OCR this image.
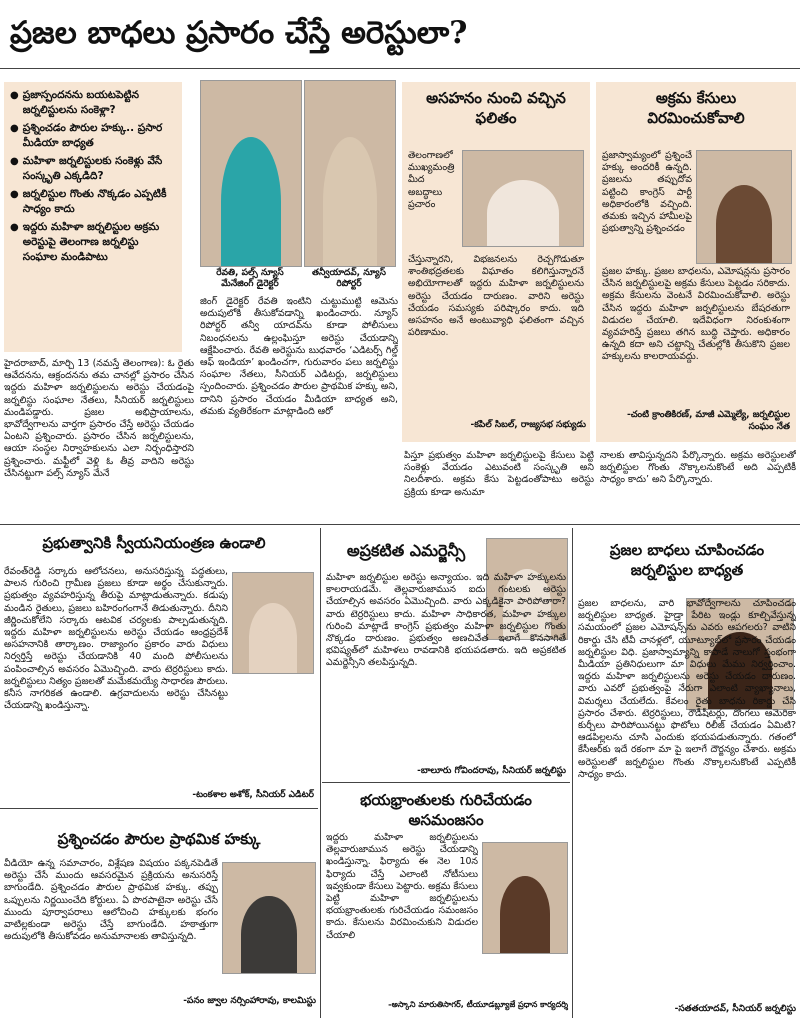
ప్రజల బాధలు ప్రసారం చేస్తే అరెస్టులా?
● ప్రజాస్పందనను బయటపెట్టిన జర్నలిస్టులను సంకెళ్లా?
● ప్రశ్నించడం పౌరుల హక్కు.. ప్రసార మీడియా బాధ్యత
● మహిళా జర్నలిస్టులకు సంకెళ్లు వేసే సంస్కృతి ఎక్కడిది?
● జర్నలిస్టుల గొంతు నొక్కడం ఎప్పటికీ సాధ్యం కాదు
● ఇద్దరు మహిళా జర్నలిస్టుల అక్రమ అరెస్టుపై తెలంగాణ జర్నలిస్టు సంఘాల మండిపాటు
రేవతి, పల్స్ న్యూస్ మేనేజింగ్ డైరెక్టర్
తన్వీయాదవ్, న్యూస్ రిపోర్టర్
హైదరాబాద్, మార్చి 13 (నమస్తే తెలంగాణ): ఓ రైతు ఆవేదనను, ఆక్రందనను తమ చానల్లో ప్రసారం చేసిన ఇద్దరు మహిళా జర్నలిస్టులను అరెస్టు చేయడంపై జర్నలిస్టు సంఘాల నేతలు, సీనియర్ జర్నలిస్టులు మండిపడ్డారు. ప్రజల అభిప్రాయాలను, భావోద్వేగాలను వార్తగా ప్రసారం చేస్తే అరెస్టు చేయడం ఏంటని ప్రశ్నించారు. ప్రసారం చేసిన జర్నలిస్టులను, ఆయా సంస్థల నిర్వాహకులను ఎలా నిర్బంధిస్తారని ప్రశ్నించారు. మఫ్టీలో వెళ్లి ఓ తీవ్ర వాదిని అరెస్టు చేసినట్టుగా పల్స్ న్యూస్ మేనే
జింగ్ డైరెక్టర్ రేవతి ఇంటిని చుట్టుముట్టి ఆమెను అదుపులోకి తీసుకోవడాన్ని ఖండించారు. న్యూస్ రిపోర్టర్ తన్వీ యాదవ్‌ను కూడా పోలీసులు నిబంధనలను ఉల్లంఘిస్తూ అరెస్టు చేయడాన్ని ఆక్షేపించారు. రేవతి అరెస్టును బుధవారం ‘ఎడిటర్స్ గిల్డ్ ఆఫ్ ఇండియా’ ఖండించగా, గురువారం పలు జర్నలిస్టు సంఘాల నేతలు, సీనియర్ ఎడిటర్లు, జర్నలిస్టులు స్పందించారు. ప్రశ్నించడం పౌరుల ప్రాథమిక హక్కు అని, దానిని ప్రసారం చేయడం మీడియా బాధ్యత అని, తమకు వ్యతిరేకంగా మాట్లాడింది ఆరో
పిస్తూ ప్రభుత్వం మహిళా జర్నలిస్టులపై కేసులు పెట్టి సంకెళ్లు వేయడం ఎటువంటి సంస్కృతి అని నిలదీశారు. అక్రమ కేసు పెట్టడంతోపాటు అరెస్టు ప్రక్రియ కూడా అనుమా
నాలకు తావిస్తున్నదని పేర్కొన్నారు. అక్రమ అరెస్టులతో జర్నలిస్టుల గొంతు నొక్కాలనుకొంటే అది ఎప్పటికీ సాధ్యం కాదు’ అని పేర్కొన్నారు.
అసహనం నుంచి వచ్చిన ఫలితం
తెలంగాణలో ముఖ్యమంత్రి మీద అబద్ధాలు ప్రచారం
చేస్తున్నారని, విభజనలను రెచ్చగొడుతూ శాంతిభద్రతలకు విఘాతం కలిగిస్తున్నారనే అభియోగాలతో ఇద్దరు మహిళా జర్నలిస్టులను అరెస్టు చేయడం దారుణం. వారిని అరెస్టు చేయడం సమస్యకు పరిష్కారం కాదు. ఇది అసహనం అనే అంటువ్యాధి ఫలితంగా వచ్చిన పరిణామం.
-కపిల్ సిబల్, రాజ్యసభ సభ్యుడు
అక్రమ కేసులు విరమించుకోవాలి
ప్రజాస్వామ్యంలో ప్రశ్నించే హక్కు అందరికీ ఉన్నది. ప్రజలను తప్పుదోవ పట్టించి కాంగ్రెస్ పార్టీ అధికారంలోకి వచ్చింది. తమకు ఇచ్చిన హామీలపై ప్రభుత్వాన్ని ప్రశ్నించడం
ప్రజల హక్కు. ప్రజల బాధలను, ఎమోషన్లను ప్రసారం చేసిన జర్నలిస్టులపై అక్రమ కేసులు పెట్టడం సరికాదు. అక్రమ కేసులను వెంటనే విరమించుకోవాలి. అరెస్టు చేసిన ఇద్దరు మహిళా జర్నలిస్టులను బేషరతుగా విడుదల చేయాలి. ఇదేవిధంగా నిరంకుశంగా వ్యవహరిస్తే ప్రజలు తగిన బుద్ధి చెప్తారు. అధికారం ఉన్నది కదా అని చట్టాన్ని చేతుల్లోకి తీసుకొని ప్రజల హక్కులను కాలరాయవద్దు.
-చంటి క్రాంతికిరణ్, మాజీ ఎమ్మెల్యే, జర్నలిస్టుల సంఘం నేత
ప్రభుత్వానికి స్వీయనియంత్రణ ఉండాలి
రేవంత్‌రెడ్డి సర్కారు ఆలోచనలు, అనుసరిస్తున్న పద్ధతులు, పాలన గురించి గ్రామీణ ప్రజలు కూడా అర్థం చేసుకున్నారు. ప్రభుత్వం వ్యవహరిస్తున్న తీరుపై మాట్లాడుతున్నారు. కడుపు మండిన రైతులు, ప్రజలు బహిరంగంగానే తిడుతున్నారు. దీనిని జీర్ణించుకోలేని సర్కారు ఆటవిక చర్యలకు పాల్పడుతున్నది. ఇద్దరు మహిళా జర్నలిస్టులను అరెస్టు చేయడం ఆంధ్రప్రదేశ్ అసహనానికి తార్కాణం. రాజ్యాంగం ప్రకారం వారు విధులు నిర్వర్తిస్తే అరెస్టు చేయడానికి 40 మంది పోలీసులను పంపించాల్సిన అవసరం ఏమొచ్చింది. వారు టెర్రరిస్టులు కాదు. జర్నలిస్టులు నిత్యం ప్రజలతో మమేకమయ్యే సాధారణ పౌరులు. కనీస నాగరికత ఉండాలి. ఉగ్రవాదులను అరెస్టు చేసినట్టు చేయడాన్ని ఖండిస్తున్నా.
-టంకశాల అశోక్, సీనియర్ ఎడిటర్
ప్రశ్నించడం పౌరుల ప్రాథమిక హక్కు
వీడియో ఉన్న సమాచారం, విశ్లేషణ విషయం పక్కనపెడితే అరెస్టు చేసే ముందు ఆవసరమైన ప్రక్రియను అనుసరిస్తే బాగుండేది. ప్రశ్నించడం పౌరుల ప్రాథమిక హక్కు. తప్పు ఒప్పులను నిర్ణయించేది కోర్టులు. ఏ పొరపాటైనా అరెస్టు చేసే ముందు పూర్వాపరాలు ఆలోచించి హక్కులకు భంగం వాటిల్లకుండా అరెస్టు చేస్తే బాగుండేది. హఠాత్తుగా అదుపులోకి తీసుకోవడం అనుమానాలకు తావిస్తున్నది.
-పనం జ్వాల నర్సింహారావు, కాలమిస్టు
అప్రకటిత ఎమర్జెన్సీ
మహిళా జర్నలిస్టుల అరెస్టు అన్యాయం. ఇది మహిళా హక్కులను కాలరాయడమే. తెల్లవారుజామున ఐదు గంటలకు అరెస్టు చేయాల్సిన అవసరం ఏమొచ్చింది. వారు ఎక్కడికైనా పారిపోతారా? వారు టెర్రరిస్టులు కాదు. మహిళా సాధికారత, మహిళా హక్కుల గురించి మాట్లాడే కాంగ్రెస్ ప్రభుత్వం మహిళా జర్నలిస్టుల గొంతు నొక్కడం దారుణం. ప్రభుత్వం అణచివేత ఇలాగే కొనసాగితే భవిష్యత్‌లో మహిళలు రావడానికి భయపడతారు. ఇది అప్రకటిత ఎమర్జెన్సీని తలపిస్తున్నది.
-బాలూరు గోవిందరావు, సీనియర్ జర్నలిస్టు
భయభ్రాంతులకు గురిచేయడం అసమంజసం
ఇద్దరు మహిళా జర్నలిస్టులను తెల్లవారుజామున అరెస్టు చేయడాన్ని ఖండిస్తున్నా. ఫిర్యాదు ఈ నెల 10న ఫిర్యాదు చేస్తే ఎలాంటి నోటీసులు ఇవ్వకుండా కేసులు పెట్టారు. అక్రమ కేసులు పెట్టి మహిళా జర్నలిస్టులను భయభ్రాంతులకు గురిచేయడం సమంజసం కాదు. కేసులను విరమించుకుని విడుదల చేయాలి
-అస్కాని మారుతిసాగర్, టీయూడబ్ల్యూజే ప్రధాన కార్యదర్శి
ప్రజల బాధలు చూపించడం జర్నలిస్టుల బాధ్యత
ప్రజల బాధలను, వారి భావోద్వేగాలను చూపించడం జర్నలిస్టుల బాధ్యత. హైడ్రా పేరిట ఇండ్లు కూల్చివేస్తున్న సమయంలో ప్రజల ఎమోషన్స్‌ను ఎవరు ఆపగలరు? వాటిని రికార్డు చేసి టీవీ చానళ్లలో, యూట్యూబ్‌లో ప్రసారం చేయడం జర్నలిస్టుల విధి. ప్రజాస్వామ్యాన్ని కాపాడే నాలుగో స్తంభంగా మీడియా ప్రతినిధులుగా మా విధులు మేము నిర్వర్తించాం. ఇద్దరు మహిళా జర్నలిస్టులను అరెస్టు చేయడం దారుణం. వారు ఎవరో ప్రభుత్వంపై నేరుగా ఎలాంటి వ్యాఖ్యానాలు, విమర్శలు చేయలేదు. కేవలం రైతు బాధను రికార్డు చేసి ప్రసారం చేశారు. టెర్రరిస్టులు, రౌడీషీటర్లు, దొంగలు ఆమెరికా కుర్చీలు పారిపోయినట్టు ఫొటోలు రిలీజ్ చేయడం ఏమిటి? ఆడపిల్లలను చూసి ఎందుకు భయపడుతున్నారు. గతంలో కేసీఆర్‌కు ఇదే రకంగా మా పై ఇలాగే దౌర్జన్యం చేశారు. అక్రమ అరెస్టులతో జర్నలిస్టుల గొంతు నొక్కాలనుకొంటే ఎప్పటికీ సాధ్యం కాదు.
-సతతయాదవ్, సీనియర్ జర్నలిస్టు
